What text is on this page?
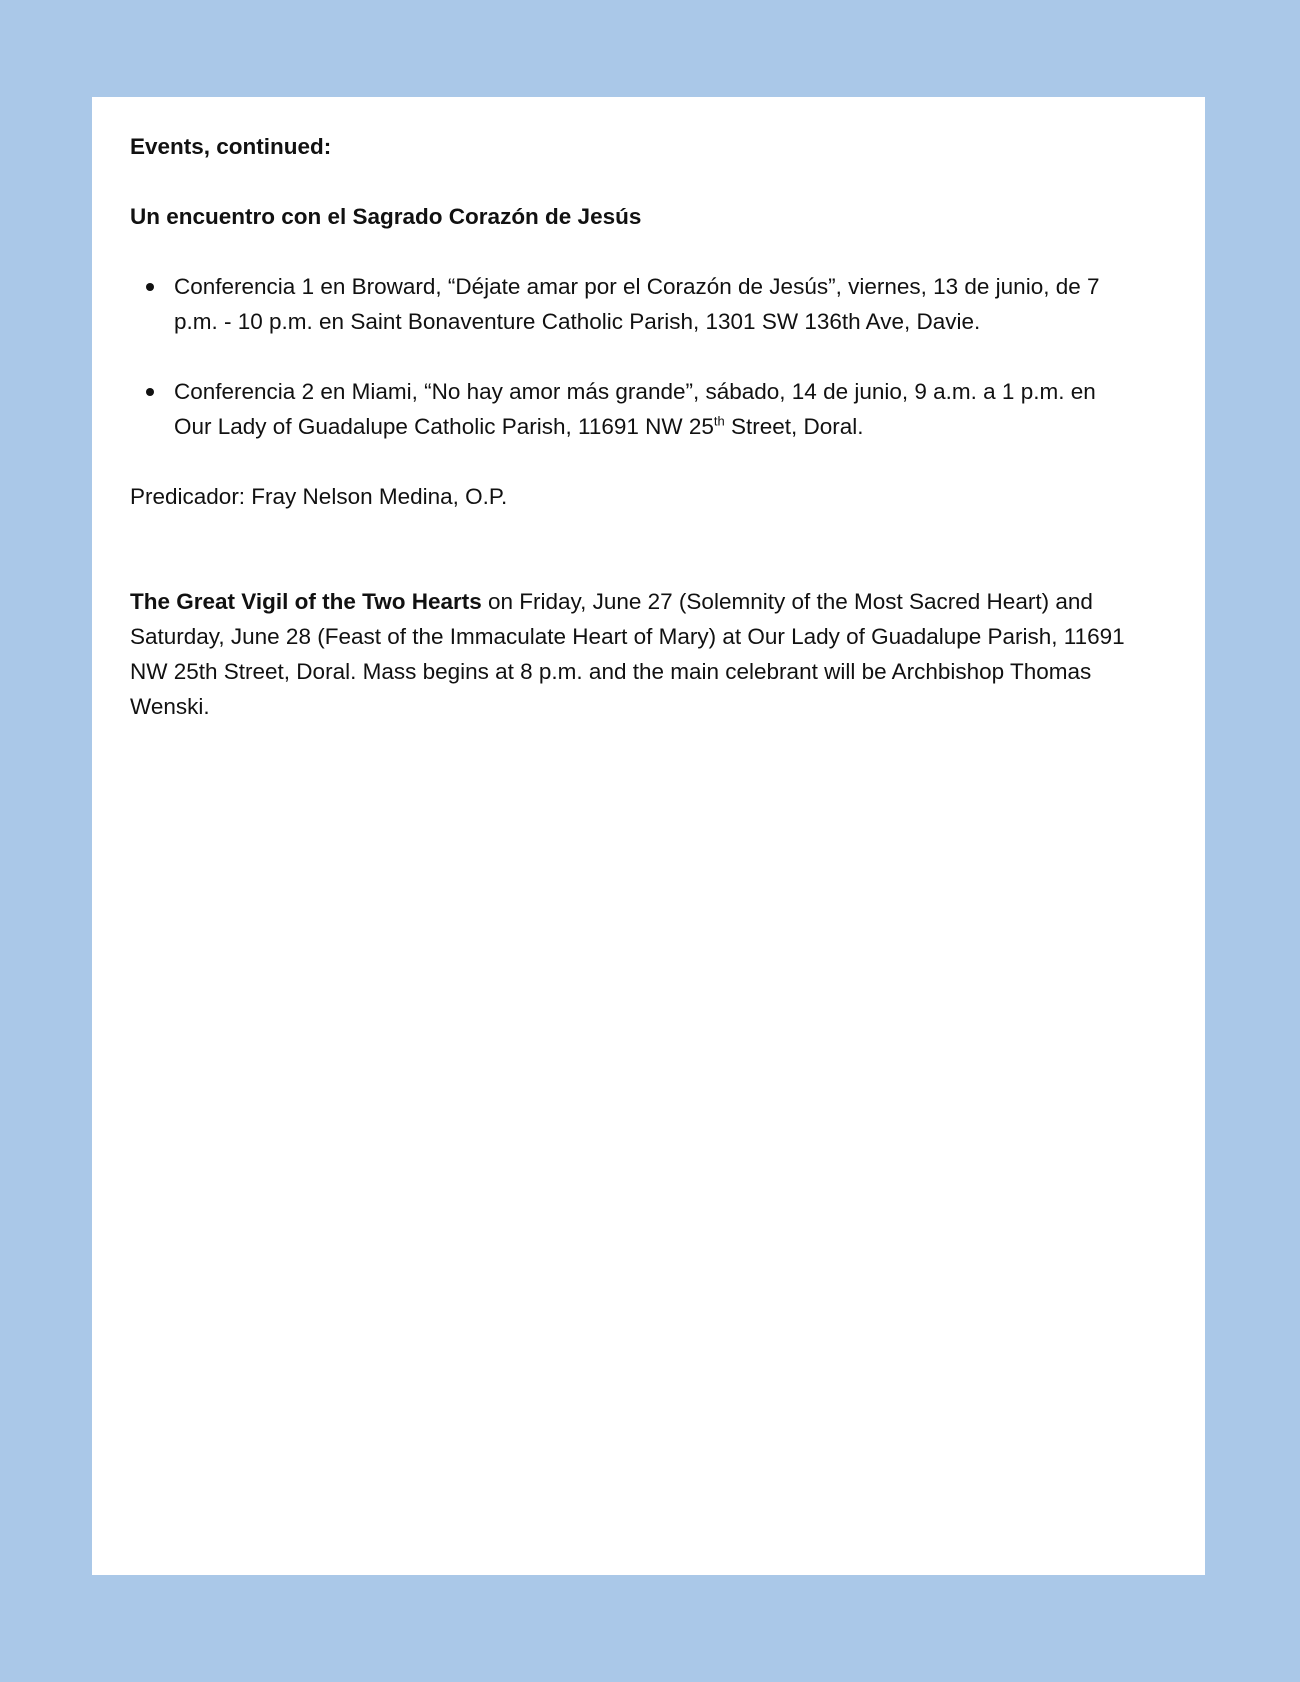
Events, continued:

Un encuentro con el Sagrado Corazón de Jesús

Conferencia 1 en Broward, “Déjate amar por el Corazón de Jesús”, viernes, 13 de junio, de 7 p.m. - 10 p.m. en Saint Bonaventure Catholic Parish, 1301 SW 136th Ave, Davie.
Conferencia 2 en Miami, “No hay amor más grande”, sábado, 14 de junio, 9 a.m. a 1 p.m. en Our Lady of Guadalupe Catholic Parish, 11691 NW 25th Street, Doral.

Predicador: Fray Nelson Medina, O.P.

The Great Vigil of the Two Hearts on Friday, June 27 (Solemnity of the Most Sacred Heart) and Saturday, June 28 (Feast of the Immaculate Heart of Mary) at Our Lady of Guadalupe Parish, 11691 NW 25th Street, Doral. Mass begins at 8 p.m. and the main celebrant will be Archbishop Thomas Wenski.
